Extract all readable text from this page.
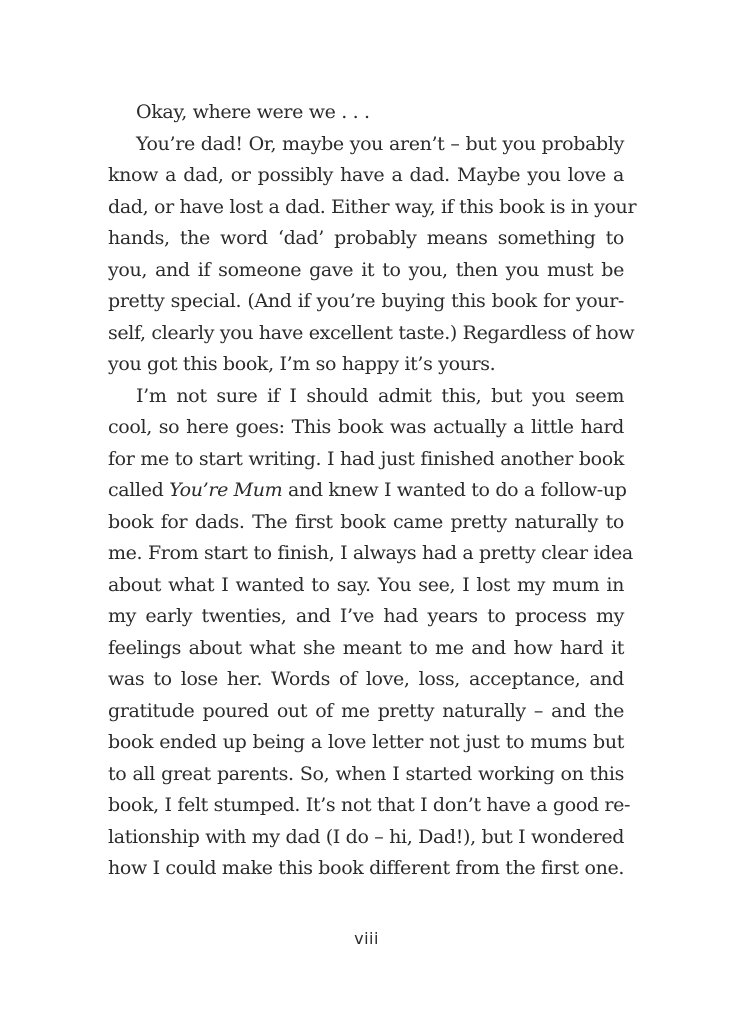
Okay, where were we . . .
You’re dad! Or, maybe you aren’t – but you probably
know a dad, or possibly have a dad. Maybe you love a
dad, or have lost a dad. Either way, if this book is in your
hands, the word ‘dad’ probably means something to
you, and if someone gave it to you, then you must be
pretty special. (And if you’re buying this book for your-
self, clearly you have excellent taste.) Regardless of how
you got this book, I’m so happy it’s yours.
I’m not sure if I should admit this, but you seem
cool, so here goes: This book was actually a little hard
for me to start writing. I had just finished another book
called You’re Mum and knew I wanted to do a follow-up
book for dads. The first book came pretty naturally to
me. From start to finish, I always had a pretty clear idea
about what I wanted to say. You see, I lost my mum in
my early twenties, and I’ve had years to process my
feelings about what she meant to me and how hard it
was to lose her. Words of love, loss, acceptance, and
gratitude poured out of me pretty naturally – and the
book ended up being a love letter not just to mums but
to all great parents. So, when I started working on this
book, I felt stumped. It’s not that I don’t have a good re-
lationship with my dad (I do – hi, Dad!), but I wondered
how I could make this book different from the first one.
viii
